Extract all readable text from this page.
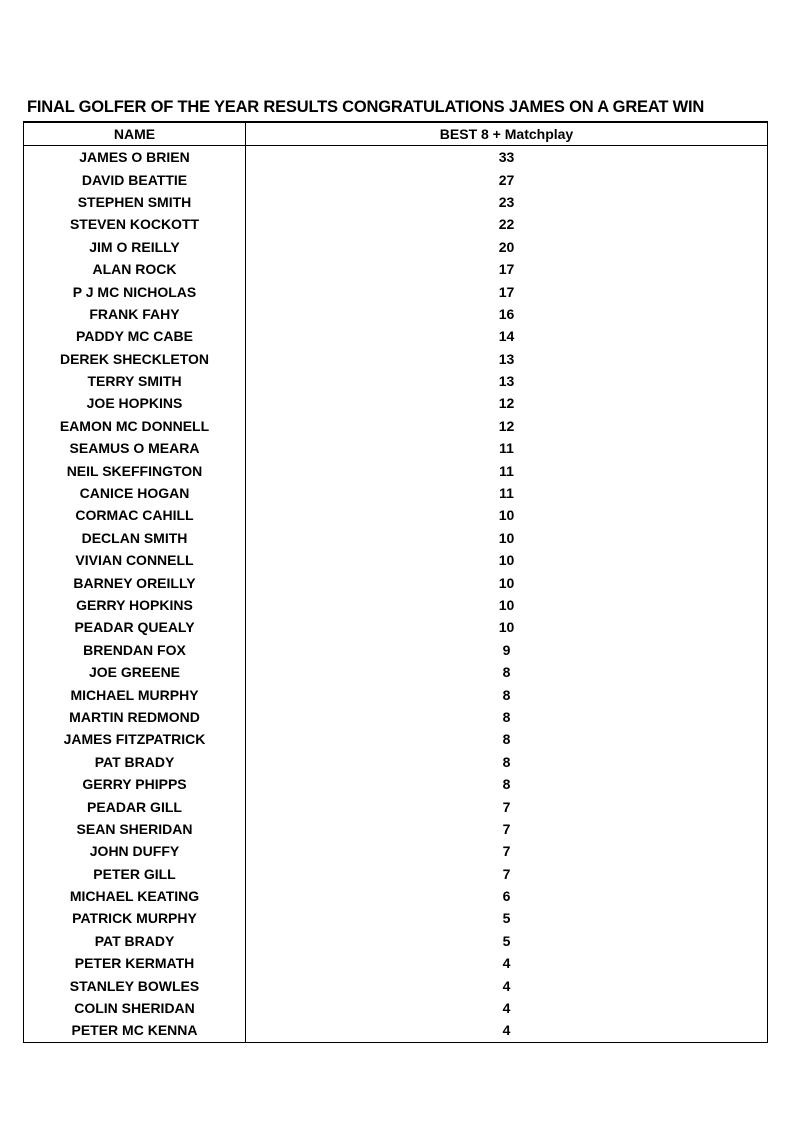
FINAL GOLFER OF THE YEAR RESULTS CONGRATULATIONS JAMES ON A GREAT WIN
NAME	BEST 8 + Matchplay
JAMES O BRIEN	33
DAVID BEATTIE	27
STEPHEN SMITH	23
STEVEN KOCKOTT	22
JIM O REILLY	20
ALAN ROCK	17
P J MC NICHOLAS	17
FRANK FAHY	16
PADDY MC CABE	14
DEREK SHECKLETON	13
TERRY SMITH	13
JOE HOPKINS	12
EAMON MC DONNELL	12
SEAMUS O MEARA	11
NEIL SKEFFINGTON	11
CANICE HOGAN	11
CORMAC CAHILL	10
DECLAN SMITH	10
VIVIAN CONNELL	10
BARNEY OREILLY	10
GERRY HOPKINS	10
PEADAR QUEALY	10
BRENDAN FOX	9
JOE GREENE	8
MICHAEL MURPHY	8
MARTIN REDMOND	8
JAMES FITZPATRICK	8
PAT BRADY	8
GERRY PHIPPS	8
PEADAR GILL	7
SEAN SHERIDAN	7
JOHN DUFFY	7
PETER GILL	7
MICHAEL KEATING	6
PATRICK MURPHY	5
PAT BRADY	5
PETER KERMATH	4
STANLEY BOWLES	4
COLIN SHERIDAN	4
PETER MC KENNA	4
